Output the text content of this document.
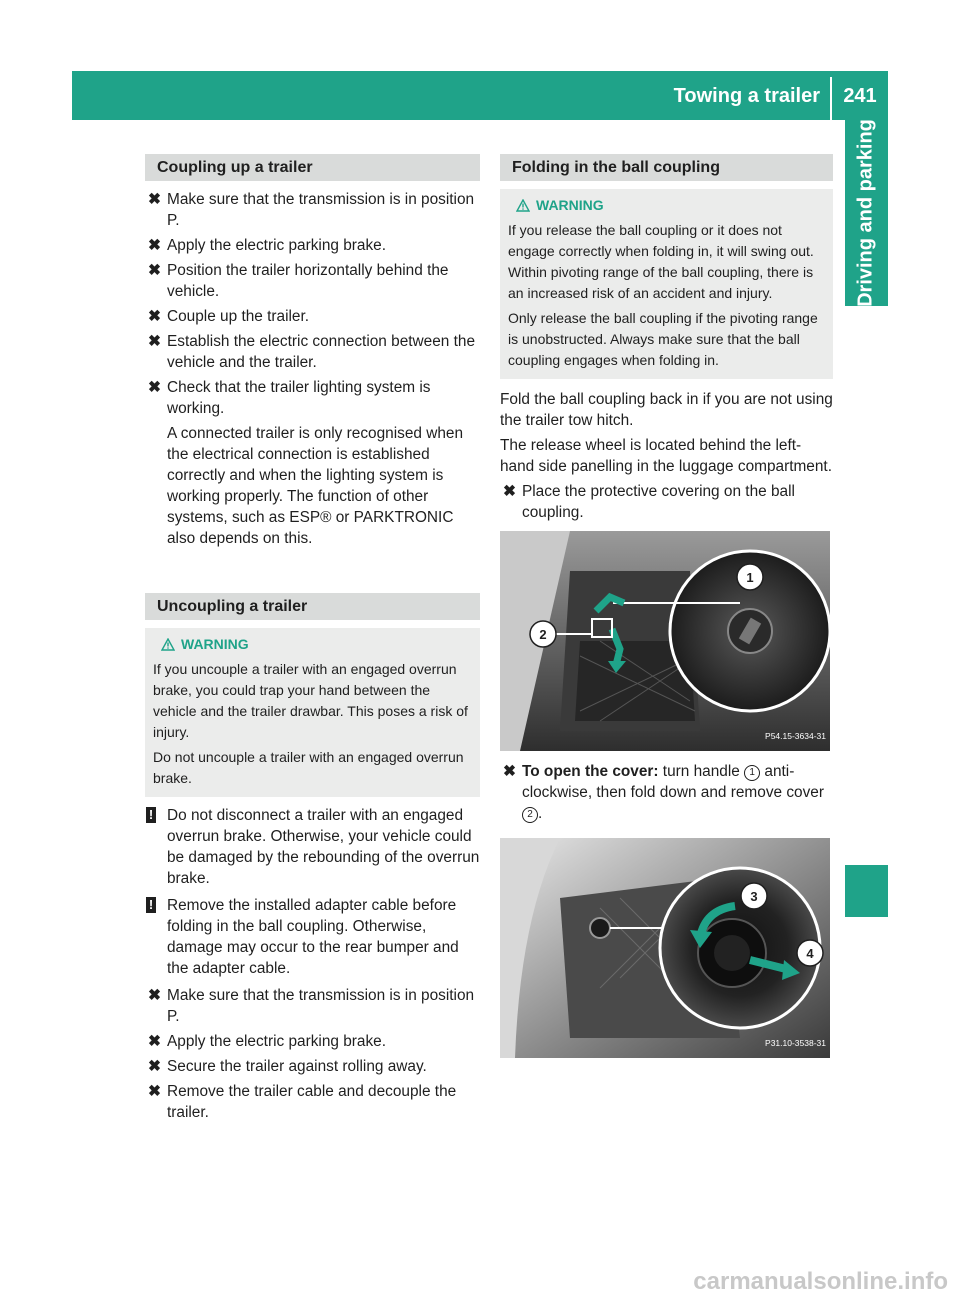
Towing a trailer	241
Driving and parking
Coupling up a trailer
✖ Make sure that the transmission is in position P.
✖ Apply the electric parking brake.
✖ Position the trailer horizontally behind the vehicle.
✖ Couple up the trailer.
✖ Establish the electric connection between the vehicle and the trailer.
✖ Check that the trailer lighting system is working.
A connected trailer is only recognised when the electrical connection is established correctly and when the lighting system is working properly. The function of other systems, such as ESP® or PARKTRONIC also depends on this.
Uncoupling a trailer
WARNING

If you uncouple a trailer with an engaged overrun brake, you could trap your hand between the vehicle and the trailer drawbar. This poses a risk of injury.

Do not uncouple a trailer with an engaged overrun brake.

! Do not disconnect a trailer with an engaged overrun brake. Otherwise, your vehicle could be damaged by the rebounding of the overrun brake.
! Remove the installed adapter cable before folding in the ball coupling. Otherwise, damage may occur to the rear bumper and the adapter cable.
✖ Make sure that the transmission is in position P.
✖ Apply the electric parking brake.
✖ Secure the trailer against rolling away.
✖ Remove the trailer cable and decouple the trailer.
Folding in the ball coupling
WARNING

If you release the ball coupling or it does not engage correctly when folding in, it will swing out. Within pivoting range of the ball coupling, there is an increased risk of an accident and injury.

Only release the ball coupling if the pivoting range is unobstructed. Always make sure that the ball coupling engages when folding in.

Fold the ball coupling back in if you are not using the trailer tow hitch.
The release wheel is located behind the left-hand side panelling in the luggage compartment.
✖ Place the protective covering on the ball coupling.
1
2
P54.15-3634-31
✖ To open the cover: turn handle 1 anti-clockwise, then fold down and remove cover 2 .
3
4
P31.10-3538-31
carmanualsonline.info
